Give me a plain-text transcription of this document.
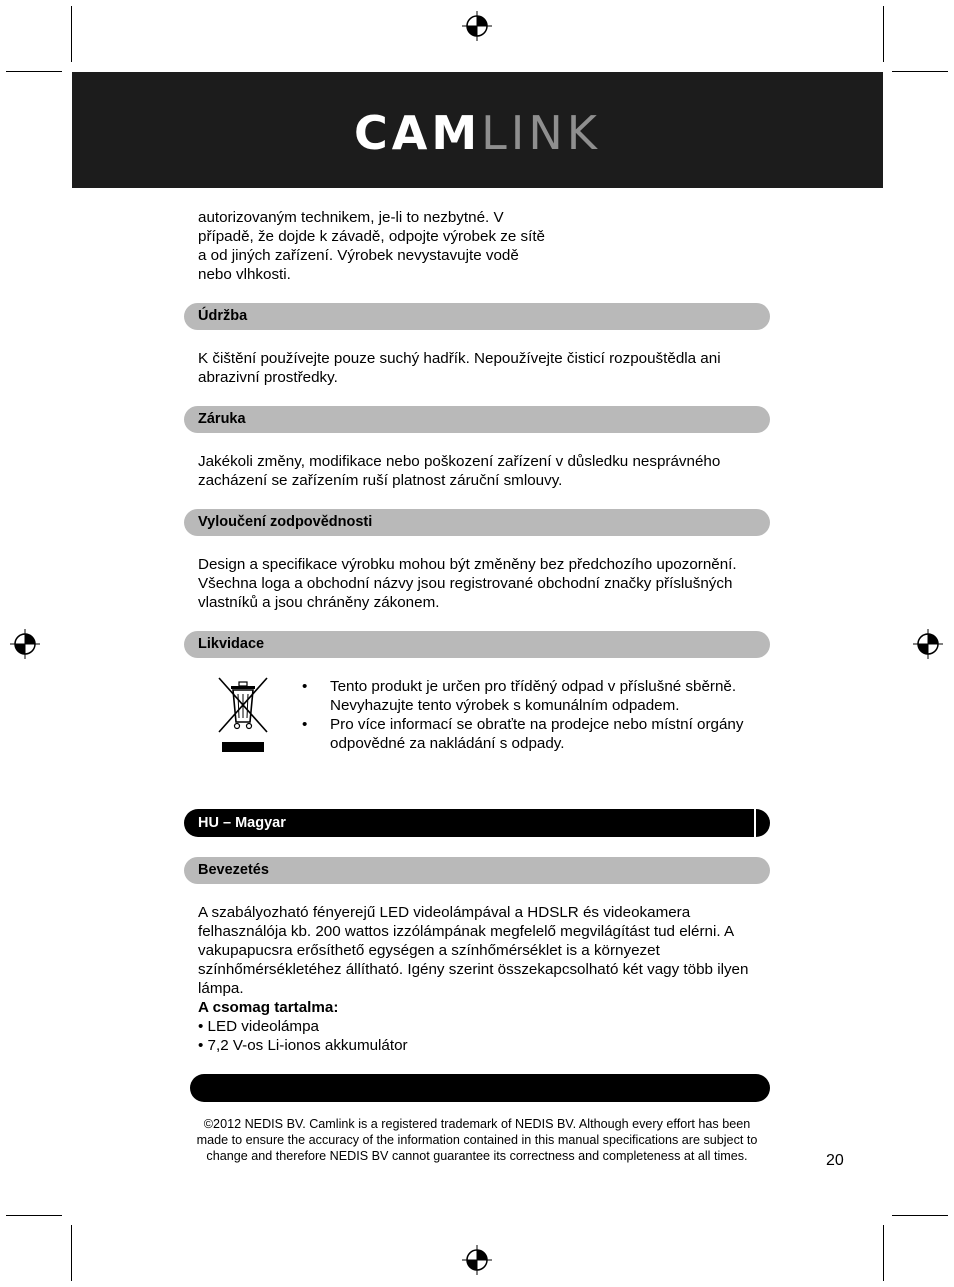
CAMLINK

autorizovaným technikem, je-li to nezbytné. V případě, že dojde k závadě, odpojte výrobek ze sítě a od jiných zařízení. Výrobek nevystavujte vodě nebo vlhkosti.

Údržba

K čištění používejte pouze suchý hadřík. Nepoužívejte čisticí rozpouštědla ani abrazivní prostředky.

Záruka

Jakékoli změny, modifikace nebo poškození zařízení v důsledku nesprávného zacházení se zařízením ruší platnost záruční smlouvy.

Vyloučení zodpovědnosti

Design a specifikace výrobku mohou být změněny bez předchozího upozornění. Všechna loga a obchodní názvy jsou registrované obchodní značky příslušných vlastníků a jsou chráněny zákonem.

Likvidace
• Tento produkt je určen pro tříděný odpad v příslušné sběrně. Nevyhazujte tento výrobek s komunálním odpadem.
• Pro více informací se obraťte na prodejce nebo místní orgány odpovědné za nakládání s odpady.
HU – Magyar
Bevezetés
A szabályozható fényerejű LED videolámpával a HDSLR és videokamera felhasználója kb. 200 wattos izzólámpának megfelelő megvilágítást tud elérni. A vakupapucsra erősíthető egységen a színhőmérséklet is a környezet színhőmérsékletéhez állítható. Igény szerint összekapcsolható két vagy több ilyen lámpa.
A csomag tartalma:
• LED videolámpa
• 7,2 V-os Li-ionos akkumulátor
©2012 NEDIS BV. Camlink is a registered trademark of NEDIS BV. Although every effort has been made to ensure the accuracy of the information contained in this manual specifications are subject to change and therefore NEDIS BV cannot guarantee its correctness and completeness at all times.	20
